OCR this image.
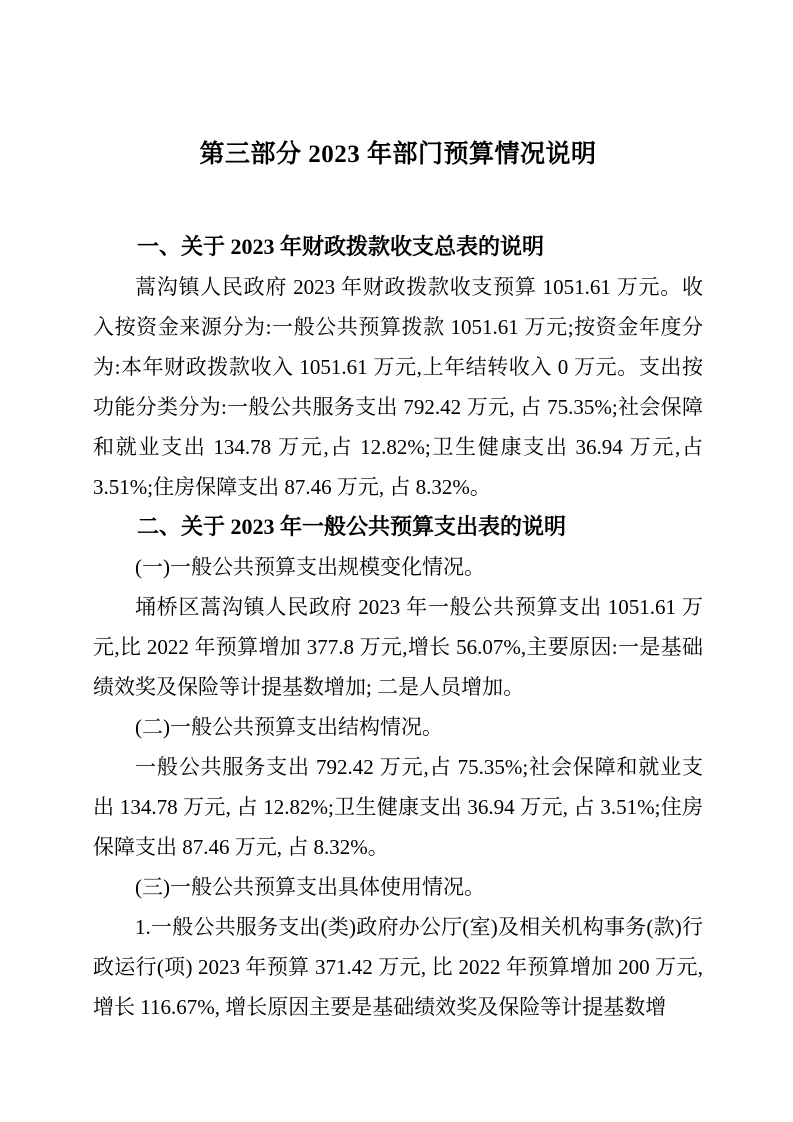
第三部分 2023 年部门预算情况说明
一、关于 2023 年财政拨款收支总表的说明

蒿沟镇人民政府 2023 年财政拨款收支预算 1051.61 万元。收入按资金来源分为:一般公共预算拨款 1051.61 万元;按资金年度分为:本年财政拨款收入 1051.61 万元,上年结转收入 0 万元。支出按功能分类分为:一般公共服务支出 792.42 万元, 占 75.35%;社会保障和就业支出 134.78 万元,占 12.82%;卫生健康支出 36.94 万元,占 3.51%;住房保障支出 87.46 万元, 占 8.32%。

二、关于 2023 年一般公共预算支出表的说明

(一)一般公共预算支出规模变化情况。

埇桥区蒿沟镇人民政府 2023 年一般公共预算支出 1051.61 万元,比 2022 年预算增加 377.8 万元,增长 56.07%,主要原因:一是基础绩效奖及保险等计提基数增加; 二是人员增加。

(二)一般公共预算支出结构情况。

一般公共服务支出 792.42 万元,占 75.35%;社会保障和就业支出 134.78 万元, 占 12.82%;卫生健康支出 36.94 万元, 占 3.51%;住房保障支出 87.46 万元, 占 8.32%。

(三)一般公共预算支出具体使用情况。

1.一般公共服务支出(类)政府办公厅(室)及相关机构事务(款)行政运行(项) 2023 年预算 371.42 万元, 比 2022 年预算增加 200 万元, 增长 116.67%, 增长原因主要是基础绩效奖及保险等计提基数增
